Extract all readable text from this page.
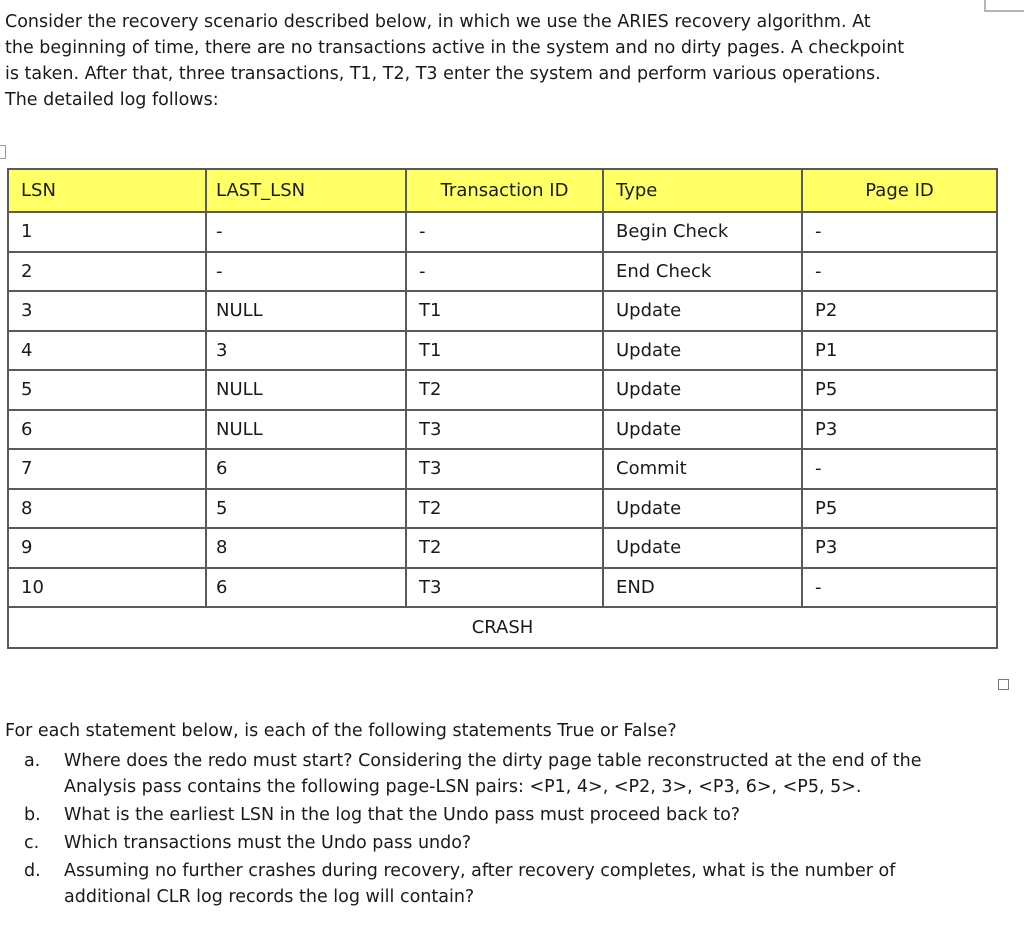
Consider the recovery scenario described below, in which we use the ARIES recovery algorithm. At

the beginning of time, there are no transactions active in the system and no dirty pages. A checkpoint

is taken. After that, three transactions, T1, T2, T3 enter the system and perform various operations.

The detailed log follows:

LSN	LAST_LSN	Transaction ID	Type	Page ID
1	-	-	Begin Check	-
2	-	-	End Check	-
3	NULL	T1	Update	P2
4	3	T1	Update	P1
5	NULL	T2	Update	P5
6	NULL	T3	Update	P3
7	6	T3	Commit	-
8	5	T2	Update	P5
9	8	T2	Update	P3
10	6	T3	END	-
CRASH				

For each statement below, is each of the following statements True or False?

a. Where does the redo must start? Considering the dirty page table reconstructed at the end of the
Analysis pass contains the following page-LSN pairs: <P1, 4>, <P2, 3>, <P3, 6>, <P5, 5>.
b. What is the earliest LSN in the log that the Undo pass must proceed back to?
c. Which transactions must the Undo pass undo?
d. Assuming no further crashes during recovery, after recovery completes, what is the number of
additional CLR log records the log will contain?
